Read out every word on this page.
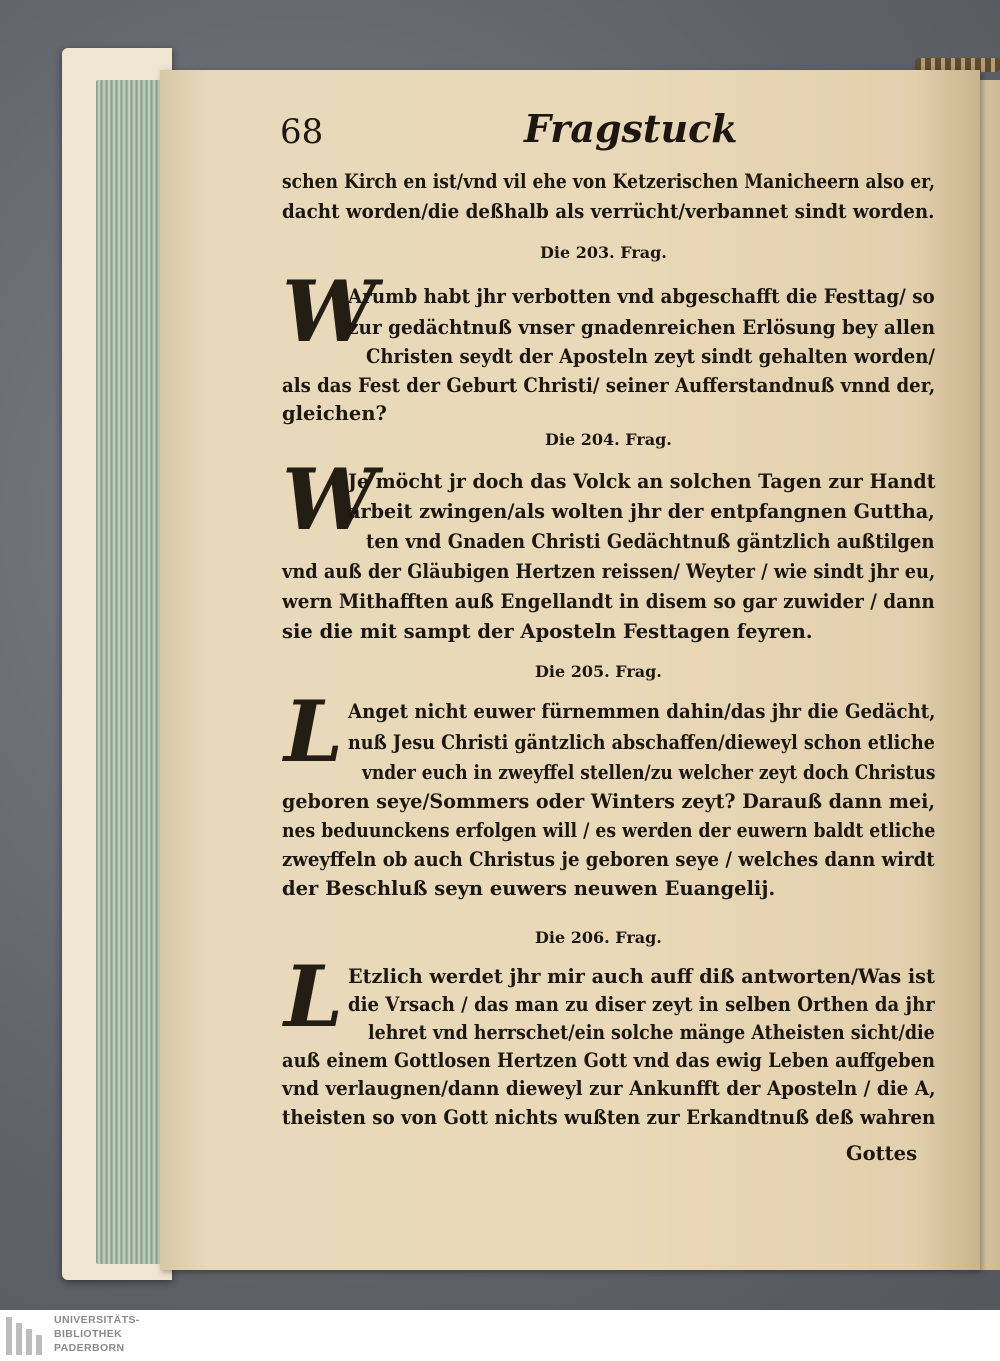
68	Fragstuck
schen Kirch en ist/vnd vil ehe von Ketzerischen Manicheern also er,
dacht worden/die deßhalb als verrücht/verbannet sindt worden.
Die 203. Frag.
W
Arumb habt jhr verbotten vnd abgeschafft die Festtag/ so
zur gedächtnuß vnser gnadenreichen Erlösung bey allen
Christen seydt der Aposteln zeyt sindt gehalten worden/
als das Fest der Geburt Christi/ seiner Aufferstandnuß vnnd der,
gleichen?
Die 204. Frag.
W
Je möcht jr doch das Volck an solchen Tagen zur Handt
arbeit zwingen/als wolten jhr der entpfangnen Guttha,
ten vnd Gnaden Christi Gedächtnuß gäntzlich außtilgen
vnd auß der Gläubigen Hertzen reissen/ Weyter / wie sindt jhr eu,
wern Mithafften auß Engellandt in disem so gar zuwider / dann
sie die mit sampt der Aposteln Festtagen feyren.
Die 205. Frag.
L Anget nicht euwer fürnemmen dahin/das jhr die Gedächt,
nuß Jesu Christi gäntzlich abschaffen/dieweyl schon etliche
vnder euch in zweyffel stellen/zu welcher zeyt doch Christus
geboren seye/Sommers oder Winters zeyt? Darauß dann mei,
nes beduunckens erfolgen will / es werden der euwern baldt etliche
zweyffeln ob auch Christus je geboren seye / welches dann wirdt
der Beschluß seyn euwers neuwen Euangelij.
Die 206. Frag.
L Etzlich werdet jhr mir auch auff diß antworten/Was ist
die Vrsach / das man zu diser zeyt in selben Orthen da jhr
lehret vnd herrschet/ein solche mänge Atheisten sicht/die
auß einem Gottlosen Hertzen Gott vnd das ewig Leben auffgeben
vnd verlaugnen/dann dieweyl zur Ankunfft der Aposteln / die A,
theisten so von Gott nichts wußten zur Erkandtnuß deß wahren
Gottes
UNIVERSITÄTS-
BIBLIOTHEK
PADERBORN
